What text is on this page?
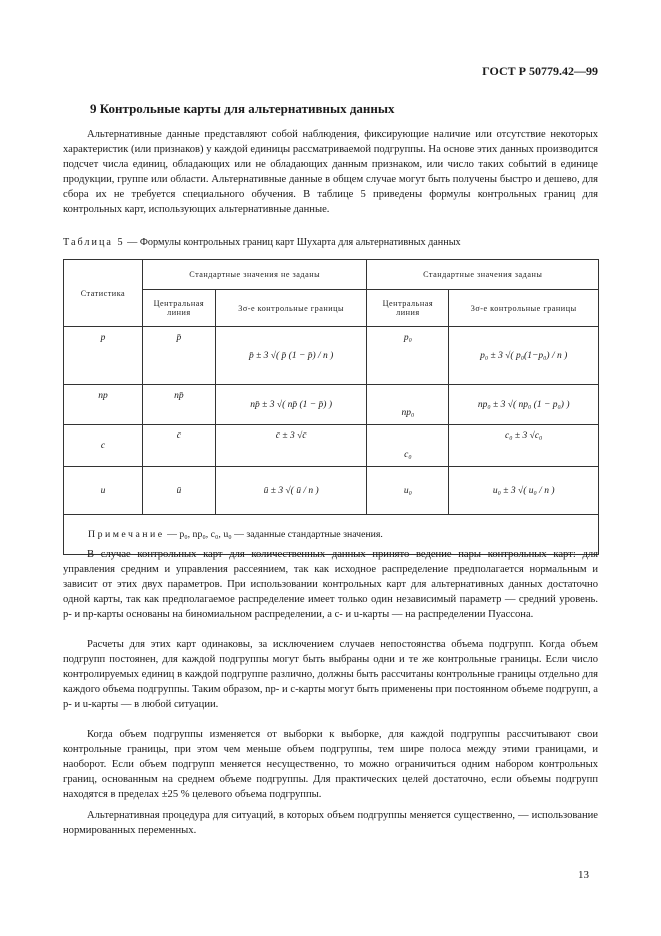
ГОСТ Р 50779.42—99
9 Контрольные карты для альтернативных данных

Альтернативные данные представляют собой наблюдения, фиксирующие наличие или отсутствие некоторых характеристик (или признаков) у каждой единицы рассматриваемой подгруппы. На основе этих данных производится подсчет числа единиц, обладающих или не обладающих данным признаком, или число таких событий в единице продукции, группе или области. Альтернативные данные в общем случае могут быть получены быстро и дешево, для сбора их не требуется специального обучения. В таблице 5 приведены формулы контрольных границ для контрольных карт, использующих альтернативные данные.

Таблица 5 — Формулы контрольных границ карт Шухарта для альтернативных данных
Статистика	Стандартные значения не заданы		Стандартные значения заданы	
	Центральная линия	3σ-е контрольные границы	Центральная линия	3σ-е контрольные границы
p	p̄	p̄ ± 3 √( p̄ (1 − p̄) / n )	p₀	p₀ ± 3 √( p₀(1−p₀) / n )
np	np̄	np̄ ± 3 √( np̄ (1 − p̄) )	np₀	np₀ ± 3 √( np₀ (1 − p₀) )
c	c̄	c̄ ± 3 √c̄	c₀	c₀ ± 3 √c₀
u	ū	ū ± 3 √( ū / n )	u₀	u₀ ± 3 √( u₀ / n )
Примечание — p₀, np₀, c₀, u₀ — заданные стандартные значения.				

В случае контрольных карт для количественных данных принято ведение пары контрольных карт: для управления средним и управления рассеянием, так как исходное распределение предполагается нормальным и зависит от этих двух параметров. При использовании контрольных карт для альтернативных данных достаточно одной карты, так как предполагаемое распределение имеет только один независимый параметр — средний уровень. p- и np-карты основаны на биномиальном распределении, а c- и u-карты — на распределении Пуассона.

Расчеты для этих карт одинаковы, за исключением случаев непостоянства объема подгрупп. Когда объем подгрупп постоянен, для каждой подгруппы могут быть выбраны одни и те же контрольные границы. Если число контролируемых единиц в каждой подгруппе различно, должны быть рассчитаны контрольные границы отдельно для каждого объема подгруппы. Таким образом, np- и c-карты могут быть применены при постоянном объеме подгрупп, а p- и u-карты — в любой ситуации.

Когда объем подгруппы изменяется от выборки к выборке, для каждой подгруппы рассчитывают свои контрольные границы, при этом чем меньше объем подгруппы, тем шире полоса между этими границами, и наоборот. Если объем подгрупп меняется несущественно, то можно ограничиться одним набором контрольных границ, основанным на среднем объеме подгруппы. Для практических целей достаточно, если объемы подгрупп находятся в пределах ±25 % целевого объема подгруппы.

Альтернативная процедура для ситуаций, в которых объем подгруппы меняется существенно, — использование нормированных переменных.

13
